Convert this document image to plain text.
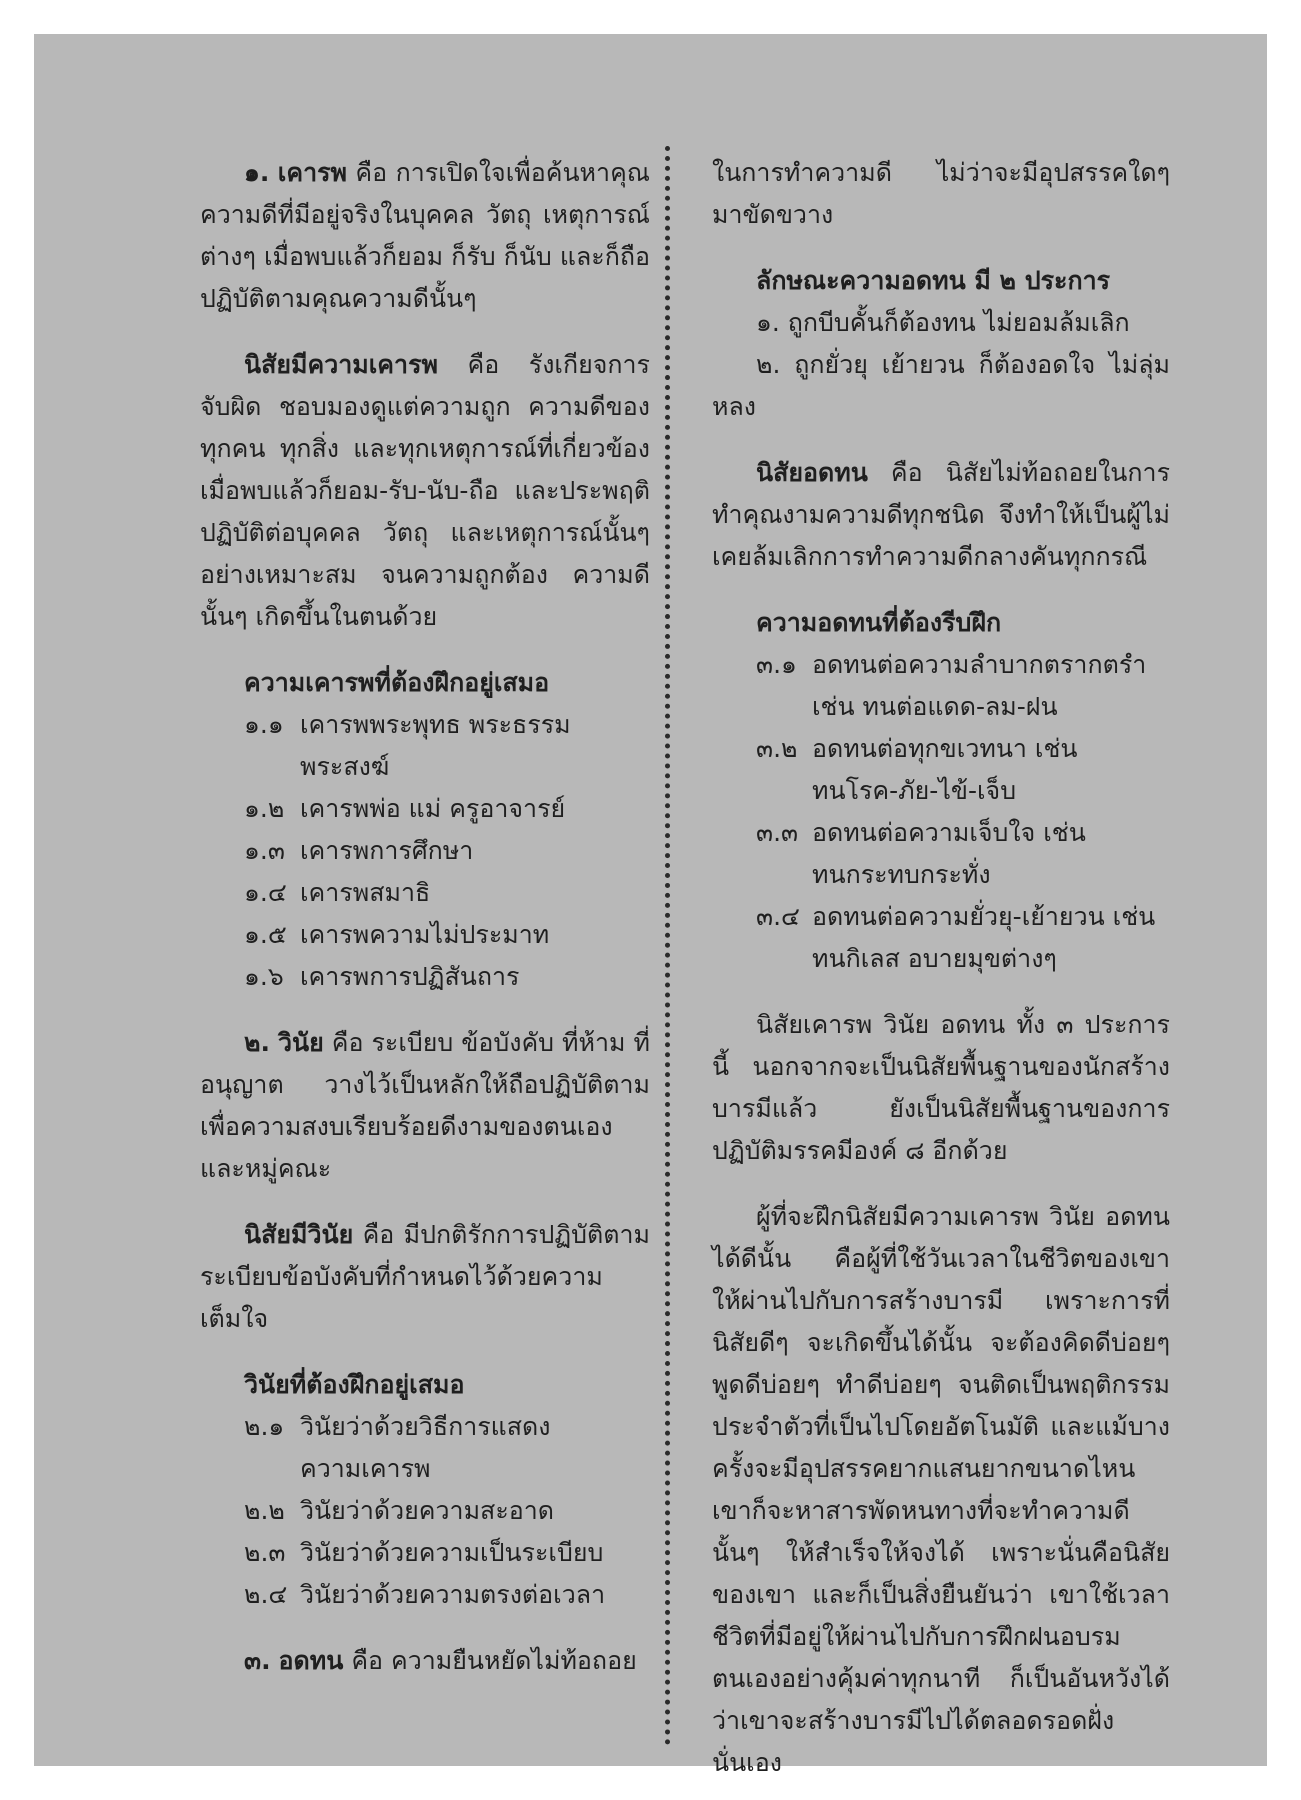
๑. เคารพ คือ การเปิดใจเพื่อค้นหาคุณความดีที่มีอยู่จริงในบุคคล วัตถุ เหตุการณ์ต่างๆ เมื่อพบแล้วก็ยอม ก็รับ ก็นับ และก็ถือปฏิบัติตามคุณความดีนั้นๆ

นิสัยมีความเคารพ คือ รังเกียจการจับผิด ชอบมองดูแต่ความถูก ความดีของทุกคน ทุกสิ่ง และทุกเหตุการณ์ที่เกี่ยวข้อง เมื่อพบแล้วก็ยอม-รับ-นับ-ถือ และประพฤติปฏิบัติต่อบุคคล วัตถุ และเหตุการณ์นั้นๆ อย่างเหมาะสม จนความถูกต้อง ความดีนั้นๆ เกิดขึ้นในตนด้วย

ความเคารพที่ต้องฝึกอยู่เสมอ
๑.๑ เคารพพระพุทธ พระธรรม
พระสงฆ์
๑.๒ เคารพพ่อ แม่ ครูอาจารย์
๑.๓ เคารพการศึกษา
๑.๔ เคารพสมาธิ
๑.๕ เคารพความไม่ประมาท
๑.๖ เคารพการปฏิสันถาร

๒. วินัย คือ ระเบียบ ข้อบังคับ ที่ห้าม ที่อนุญาต วางไว้เป็นหลักให้ถือปฏิบัติตาม เพื่อความสงบเรียบร้อยดีงามของตนเองและหมู่คณะ

นิสัยมีวินัย คือ มีปกติรักการปฏิบัติตามระเบียบข้อบังคับที่กำหนดไว้ด้วยความเต็มใจ

วินัยที่ต้องฝึกอยู่เสมอ
๒.๑ วินัยว่าด้วยวิธีการแสดง
ความเคารพ
๒.๒ วินัยว่าด้วยความสะอาด
๒.๓ วินัยว่าด้วยความเป็นระเบียบ
๒.๔ วินัยว่าด้วยความตรงต่อเวลา

๓. อดทน คือ ความยืนหยัดไม่ท้อถอย

ในการทำความดี ไม่ว่าจะมีอุปสรรคใดๆ มาขัดขวาง

ลักษณะความอดทน มี ๒ ประการ

๑. ถูกบีบคั้นก็ต้องทน ไม่ยอมล้มเลิก

๒. ถูกยั่วยุ เย้ายวน ก็ต้องอดใจ ไม่ลุ่มหลง

นิสัยอดทน คือ นิสัยไม่ท้อถอยในการทำคุณงามความดีทุกชนิด จึงทำให้เป็นผู้ไม่เคยล้มเลิกการทำความดีกลางคันทุกกรณี

ความอดทนที่ต้องรีบฝึก
๓.๑ อดทนต่อความลำบากตรากตรำ
เช่น ทนต่อแดด-ลม-ฝน
๓.๒ อดทนต่อทุกขเวทนา เช่น
ทนโรค-ภัย-ไข้-เจ็บ
๓.๓ อดทนต่อความเจ็บใจ เช่น
ทนกระทบกระทั่ง
๓.๔ อดทนต่อความยั่วยุ-เย้ายวน เช่น
ทนกิเลส อบายมุขต่างๆ

นิสัยเคารพ วินัย อดทน ทั้ง ๓ ประการนี้ นอกจากจะเป็นนิสัยพื้นฐานของนักสร้างบารมีแล้ว ยังเป็นนิสัยพื้นฐานของการปฏิบัติมรรคมีองค์ ๘ อีกด้วย

ผู้ที่จะฝึกนิสัยมีความเคารพ วินัย อดทน ได้ดีนั้น คือผู้ที่ใช้วันเวลาในชีวิตของเขา ให้ผ่านไปกับการสร้างบารมี เพราะการที่นิสัยดีๆ จะเกิดขึ้นได้นั้น จะต้องคิดดีบ่อยๆ พูดดีบ่อยๆ ทำดีบ่อยๆ จนติดเป็นพฤติกรรมประจำตัวที่เป็นไปโดยอัตโนมัติ และแม้บางครั้งจะมีอุปสรรคยากแสนยากขนาดไหน เขาก็จะหาสารพัดหนทางที่จะทำความดีนั้นๆ ให้สำเร็จให้จงได้ เพราะนั่นคือนิสัยของเขา และก็เป็นสิ่งยืนยันว่า เขาใช้เวลาชีวิตที่มีอยู่ให้ผ่านไปกับการฝึกฝนอบรมตนเองอย่างคุ้มค่าทุกนาที ก็เป็นอันหวังได้ว่าเขาจะสร้างบารมีไปได้ตลอดรอดฝั่งนั่นเอง
